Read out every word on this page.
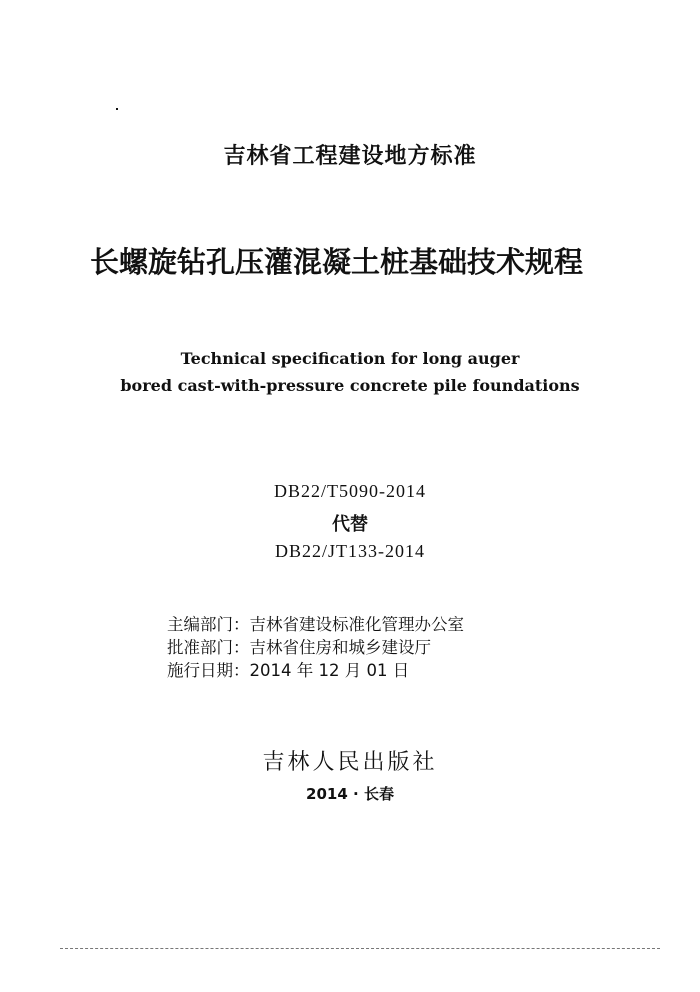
吉林省工程建设地方标准
长螺旋钻孔压灌混凝土桩基础技术规程
Technical specification for long auger
bored cast-with-pressure concrete pile foundations
DB22/T5090-2014
代替
DB22/JT133-2014
主编部门：吉林省建设标准化管理办公室
批准部门：吉林省住房和城乡建设厅
施行日期：2014 年 12 月 01 日
吉林人民出版社
2014 · 长春
